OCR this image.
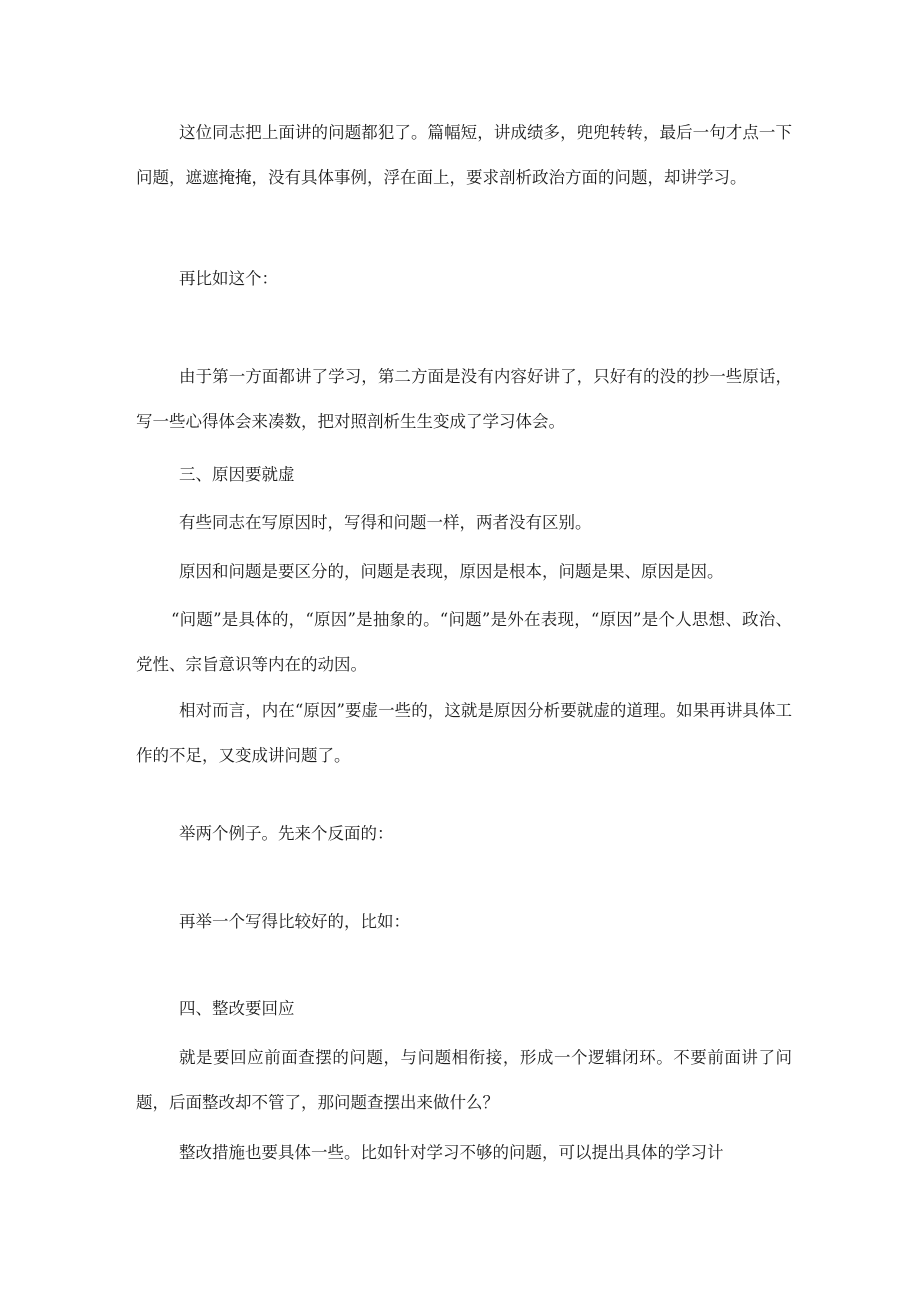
这位同志把上面讲的问题都犯了。篇幅短，讲成绩多，兜兜转转，最后一句才点一下问题，遮遮掩掩，没有具体事例，浮在面上，要求剖析政治方面的问题，却讲学习。

再比如这个：

由于第一方面都讲了学习，第二方面是没有内容好讲了，只好有的没的抄一些原话，写一些心得体会来凑数，把对照剖析生生变成了学习体会。

三、原因要就虚

有些同志在写原因时，写得和问题一样，两者没有区别。

原因和问题是要区分的，问题是表现，原因是根本，问题是果、原因是因。

“问题”是具体的，“原因”是抽象的。“问题”是外在表现，“原因”是个人思想、政治、党性、宗旨意识等内在的动因。

相对而言，内在“原因”要虚一些的，这就是原因分析要就虚的道理。如果再讲具体工作的不足，又变成讲问题了。

举两个例子。先来个反面的：

再举一个写得比较好的，比如：

四、整改要回应

就是要回应前面查摆的问题，与问题相衔接，形成一个逻辑闭环。不要前面讲了问题，后面整改却不管了，那问题查摆出来做什么？

整改措施也要具体一些。比如针对学习不够的问题，可以提出具体的学习计
